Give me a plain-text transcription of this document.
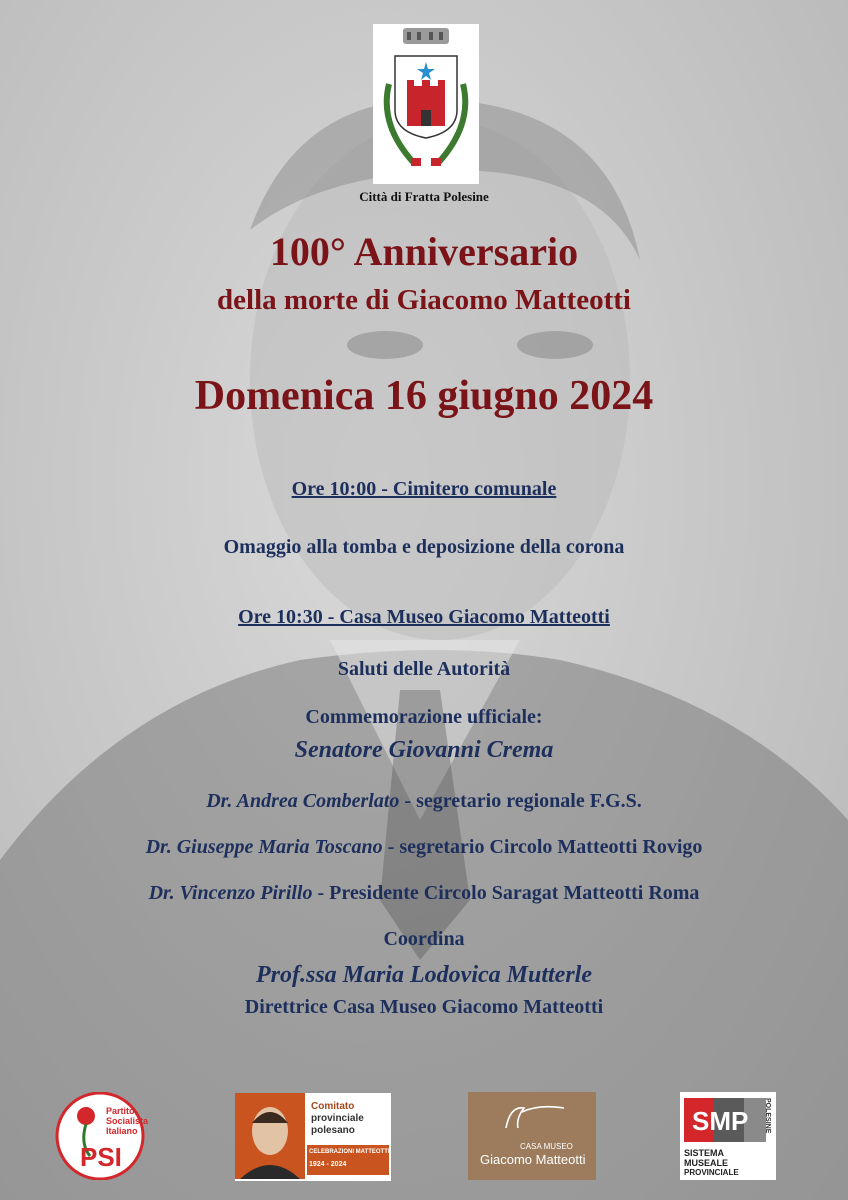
Città di Fratta Polesine
100° Anniversario
della morte di Giacomo Matteotti
Domenica 16 giugno 2024
Ore 10:00 - Cimitero comunale
Omaggio alla tomba e deposizione della corona
Ore 10:30 - Casa Museo Giacomo Matteotti
Saluti delle Autorità
Commemorazione ufficiale:
Senatore Giovanni Crema
Dr. Andrea Comberlato - segretario regionale F.G.S.
Dr. Giuseppe Maria Toscano - segretario Circolo Matteotti Rovigo
Dr. Vincenzo Pirillo - Presidente Circolo Saragat Matteotti Roma
Coordina
Prof.ssa Maria Lodovica Mutterle
Direttrice Casa Museo Giacomo Matteotti
Partito
Socialista
Italiano
PSI
Comitato
provinciale
polesano
CELEBRAZIONI MATTEOTTI
1924 - 2024
CASA MUSEO
Giacomo Matteotti
SMP POLESINE
SISTEMA
MUSEALE
PROVINCIALE
